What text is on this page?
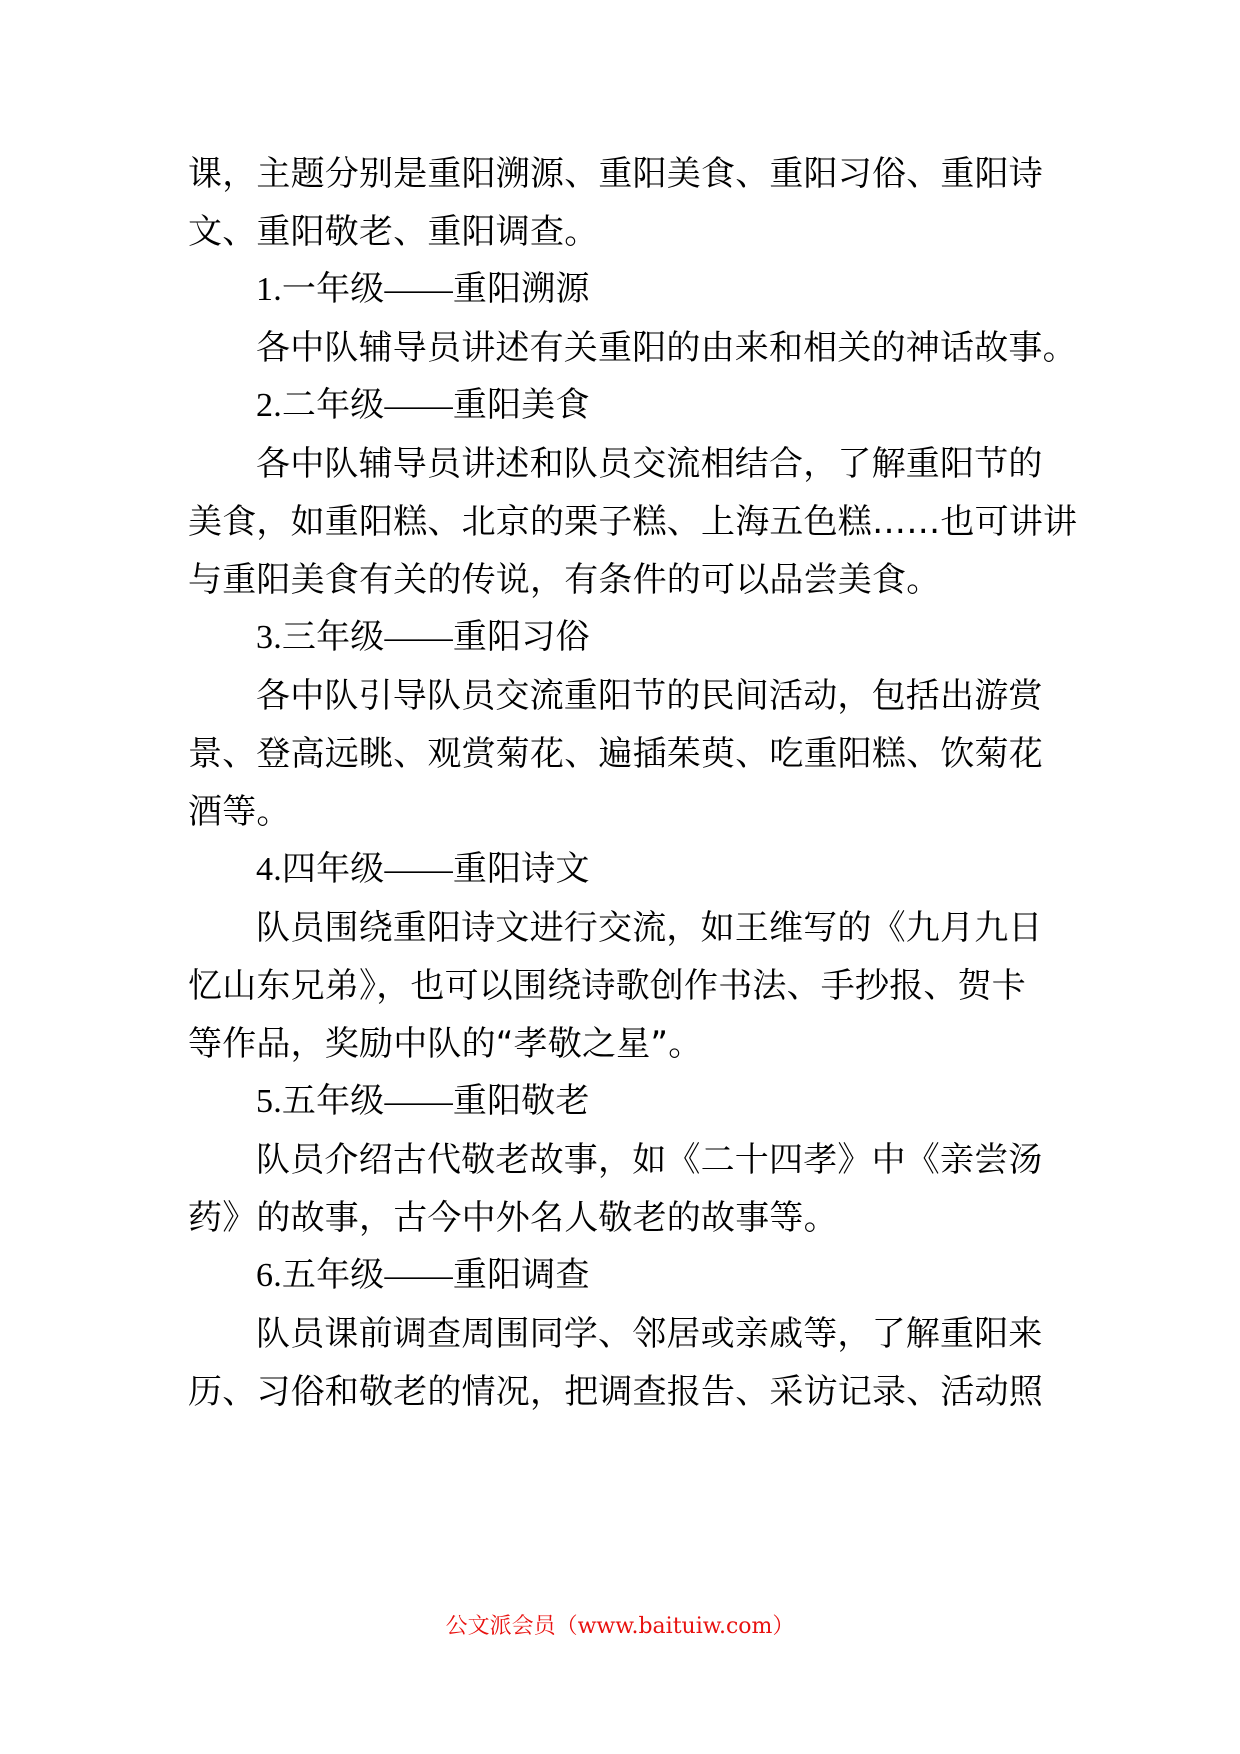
课，主题分别是重阳溯源、重阳美食、重阳习俗、重阳诗
文、重阳敬老、重阳调查。
1.一年级——重阳溯源
各中队辅导员讲述有关重阳的由来和相关的神话故事。
2.二年级——重阳美食
各中队辅导员讲述和队员交流相结合，了解重阳节的
美食，如重阳糕、北京的栗子糕、上海五色糕……也可讲讲
与重阳美食有关的传说，有条件的可以品尝美食。
3.三年级——重阳习俗
各中队引导队员交流重阳节的民间活动，包括出游赏
景、登高远眺、观赏菊花、遍插茱萸、吃重阳糕、饮菊花
酒等。
4.四年级——重阳诗文
队员围绕重阳诗文进行交流，如王维写的《九月九日
忆山东兄弟》，也可以围绕诗歌创作书法、手抄报、贺卡
等作品，奖励中队的“孝敬之星”。
5.五年级——重阳敬老
队员介绍古代敬老故事，如《二十四孝》中《亲尝汤
药》的故事，古今中外名人敬老的故事等。
6.五年级——重阳调查
队员课前调查周围同学、邻居或亲戚等，了解重阳来
历、习俗和敬老的情况，把调查报告、采访记录、活动照
公文派会员（www.baituiw.com）
